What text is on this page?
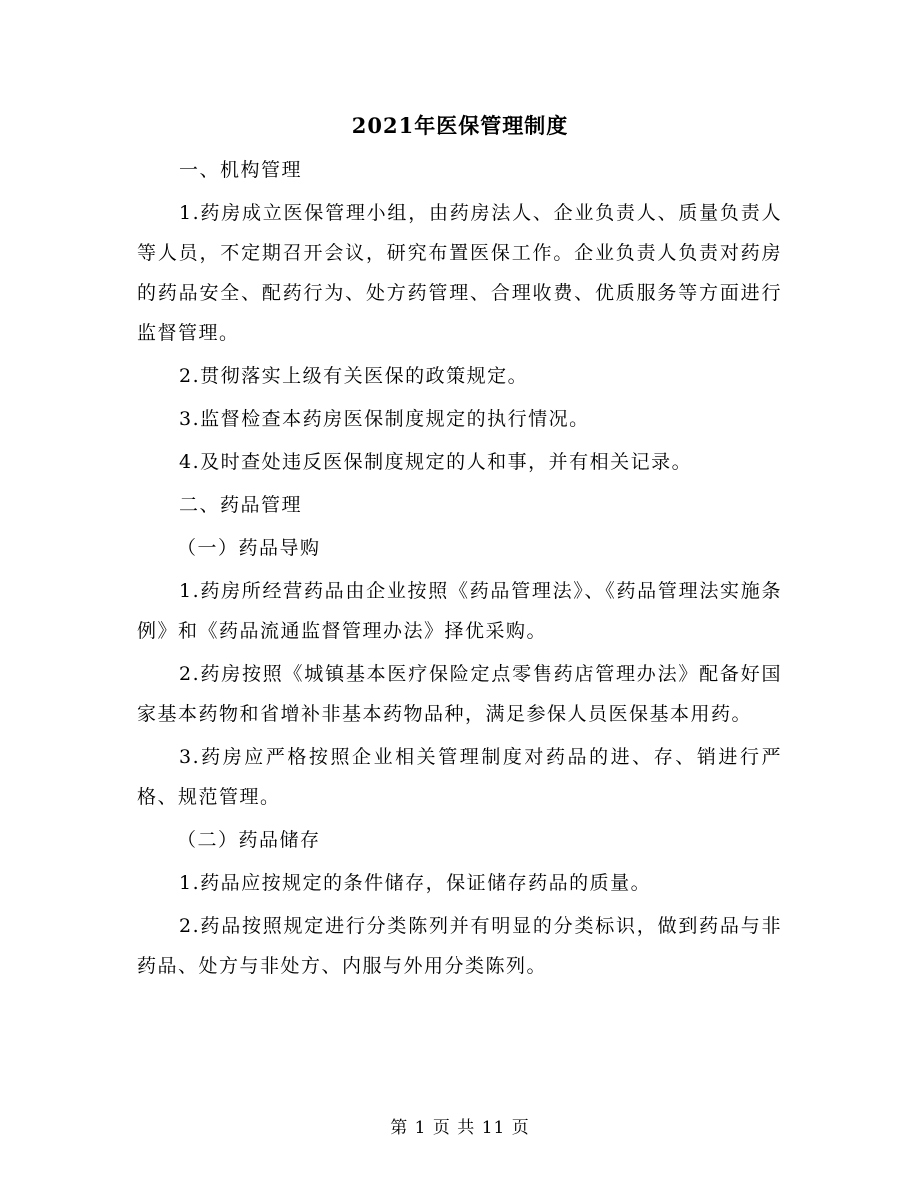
2021年医保管理制度

一、机构管理

1.药房成立医保管理小组，由药房法人、企业负责人、质量负责人等人员，不定期召开会议，研究布置医保工作。企业负责人负责对药房的药品安全、配药行为、处方药管理、合理收费、优质服务等方面进行监督管理。

2.贯彻落实上级有关医保的政策规定。

3.监督检查本药房医保制度规定的执行情况。

4.及时查处违反医保制度规定的人和事，并有相关记录。

二、药品管理

（一）药品导购

1.药房所经营药品由企业按照《药品管理法》、《药品管理法实施条例》和《药品流通监督管理办法》择优采购。

2.药房按照《城镇基本医疗保险定点零售药店管理办法》配备好国家基本药物和省增补非基本药物品种，满足参保人员医保基本用药。

3.药房应严格按照企业相关管理制度对药品的进、存、销进行严格、规范管理。

（二）药品储存

1.药品应按规定的条件储存，保证储存药品的质量。

2.药品按照规定进行分类陈列并有明显的分类标识，做到药品与非药品、处方与非处方、内服与外用分类陈列。

第 1 页 共 11 页
